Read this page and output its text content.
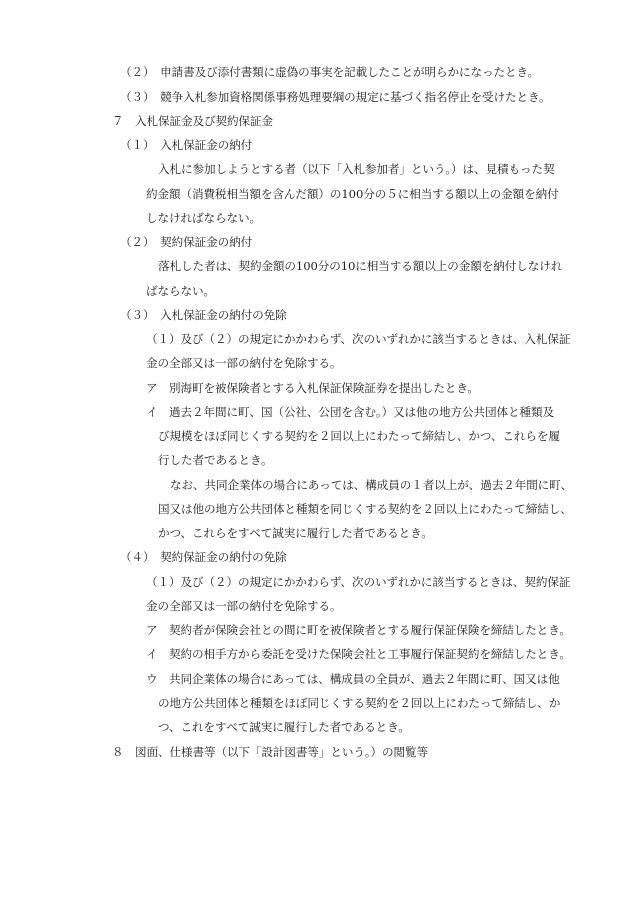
（２）　申請書及び添付書類に虚偽の事実を記載したことが明らかになったとき。
（３）　競争入札参加資格関係事務処理要綱の規定に基づく指名停止を受けたとき。
７　入札保証金及び契約保証金
（１）　入札保証金の納付
入札に参加しようとする者（以下「入札参加者」という。）は、見積もった契
約金額（消費税相当額を含んだ額）の100分の５に相当する額以上の金額を納付
しなければならない。
（２）　契約保証金の納付
落札した者は、契約金額の100分の10に相当する額以上の金額を納付しなけれ
ばならない。
（３）　入札保証金の納付の免除
（１）及び（２）の規定にかかわらず、次のいずれかに該当するときは、入札保証
金の全部又は一部の納付を免除する。
ア　別海町を被保険者とする入札保証保険証券を提出したとき。
イ　過去２年間に町、国（公社、公団を含む。）又は他の地方公共団体と種類及
び規模をほぼ同じくする契約を２回以上にわたって締結し、かつ、これらを履
行した者であるとき。
なお、共同企業体の場合にあっては、構成員の１者以上が、過去２年間に町、
国又は他の地方公共団体と種類を同じくする契約を２回以上にわたって締結し、
かつ、これらをすべて誠実に履行した者であるとき。
（４）　契約保証金の納付の免除
（１）及び（２）の規定にかかわらず、次のいずれかに該当するときは、契約保証
金の全部又は一部の納付を免除する。
ア　契約者が保険会社との間に町を被保険者とする履行保証保険を締結したとき。
イ　契約の相手方から委託を受けた保険会社と工事履行保証契約を締結したとき。
ウ　共同企業体の場合にあっては、構成員の全員が、過去２年間に町、国又は他
の地方公共団体と種類をほぼ同じくする契約を２回以上にわたって締結し、か
つ、これをすべて誠実に履行した者であるとき。
８　図面、仕様書等（以下「設計図書等」という。）の閲覧等
